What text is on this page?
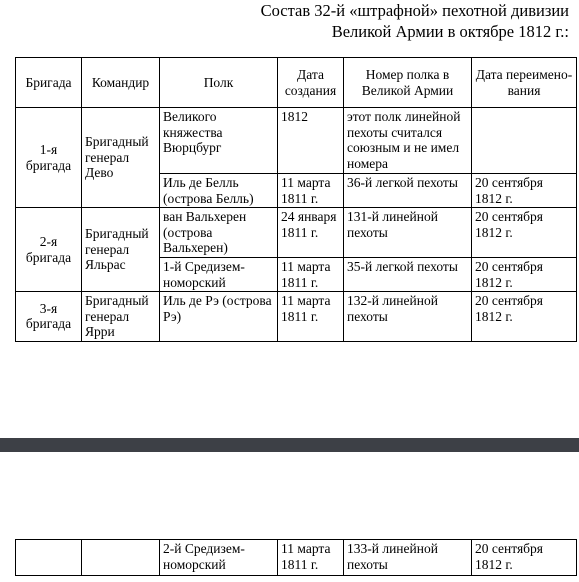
Состав 32-й «штрафной» пехотной дивизии
Великой Армии в октябре 1812 г.:
Бригада	Командир	Полк	Дата создания	Номер полка в Великой Армии	Дата переимено-вания
1-я бригада	Бригадный генерал Дево	Великого княжества Вюрцбург	1812	этот полк линейной пехоты считался союзным и не имел номера	
		Иль де Белль (острова Белль)	11 марта 1811 г.	36-й легкой пехоты	20 сентября 1812 г.
2-я бригада	Бригадный генерал Яльрас	ван Вальхерен (острова Вальхерен)	24 января 1811 г.	131-й линейной пехоты	20 сентября 1812 г.
		1-й Средизем-номорский	11 марта 1811 г.	35-й легкой пехоты	20 сентября 1812 г.
3-я бригада	Бригадный генерал Ярри	Иль де Рэ (острова Рэ)	11 марта 1811 г.	132-й линейной пехоты	20 сентября 1812 г.
		2-й Средизем-номорский	11 марта 1811 г.	133-й линейной пехоты	20 сентября 1812 г.
